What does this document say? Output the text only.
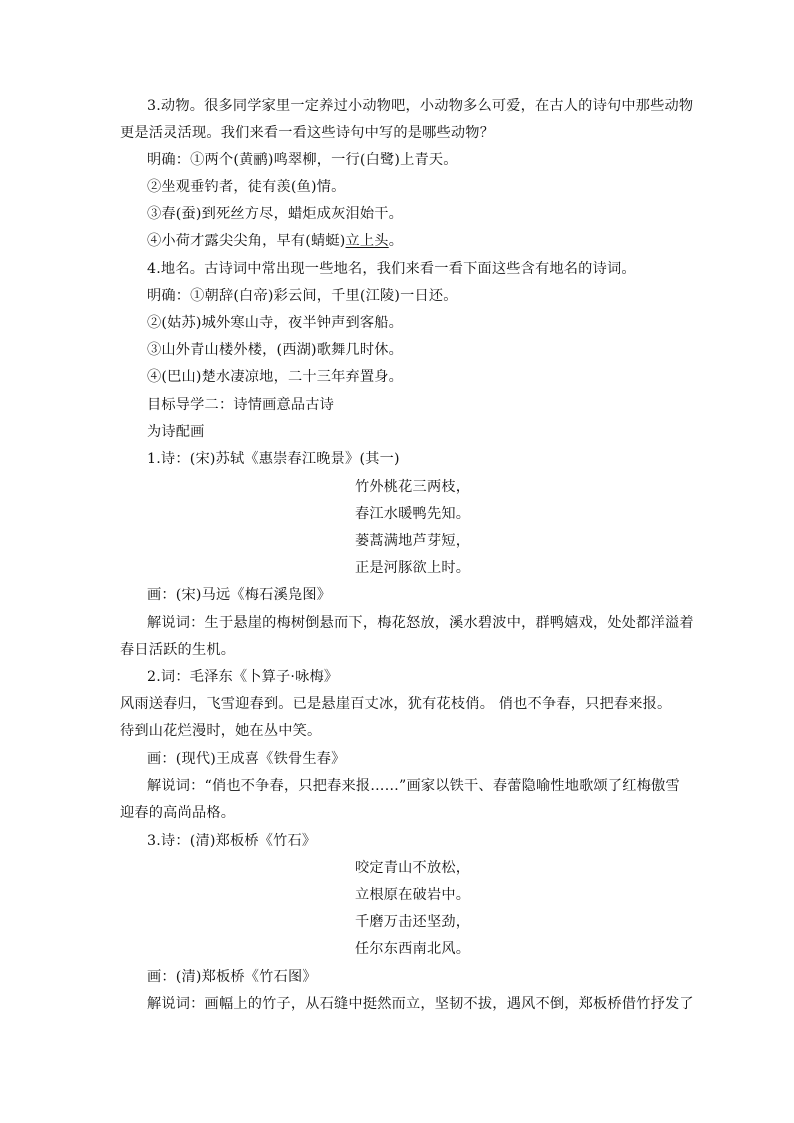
3.动物。很多同学家里一定养过小动物吧，小动物多么可爱，在古人的诗句中那些动物
更是活灵活现。我们来看一看这些诗句中写的是哪些动物？
明确：①两个(黄鹂)鸣翠柳，一行(白鹭)上青天。
②坐观垂钓者，徒有羡(鱼)情。
③春(蚕)到死丝方尽，蜡炬成灰泪始干。
④小荷才露尖尖角，早有(蜻蜓)立上头。
4.地名。古诗词中常出现一些地名，我们来看一看下面这些含有地名的诗词。
明确：①朝辞(白帝)彩云间，千里(江陵)一日还。
②(姑苏)城外寒山寺，夜半钟声到客船。
③山外青山楼外楼，(西湖)歌舞几时休。
④(巴山)楚水凄凉地，二十三年弃置身。
目标导学二：诗情画意品古诗
为诗配画
1.诗：(宋)苏轼《惠崇春江晚景》(其一)
竹外桃花三两枝，
春江水暖鸭先知。
蒌蒿满地芦芽短，
正是河豚欲上时。
画：(宋)马远《梅石溪凫图》
解说词：生于悬崖的梅树倒悬而下，梅花怒放，溪水碧波中，群鸭嬉戏，处处都洋溢着
春日活跃的生机。
2.词：毛泽东《卜算子·咏梅》
风雨送春归，飞雪迎春到。已是悬崖百丈冰，犹有花枝俏。 俏也不争春，只把春来报。
待到山花烂漫时，她在丛中笑。
画：(现代)王成喜《铁骨生春》
解说词：“俏也不争春，只把春来报……”画家以铁干、春蕾隐喻性地歌颂了红梅傲雪
迎春的高尚品格。
3.诗：(清)郑板桥《竹石》
咬定青山不放松，
立根原在破岩中。
千磨万击还坚劲，
任尔东西南北风。
画：(清)郑板桥《竹石图》
解说词：画幅上的竹子，从石缝中挺然而立，坚韧不拔，遇风不倒，郑板桥借竹抒发了
